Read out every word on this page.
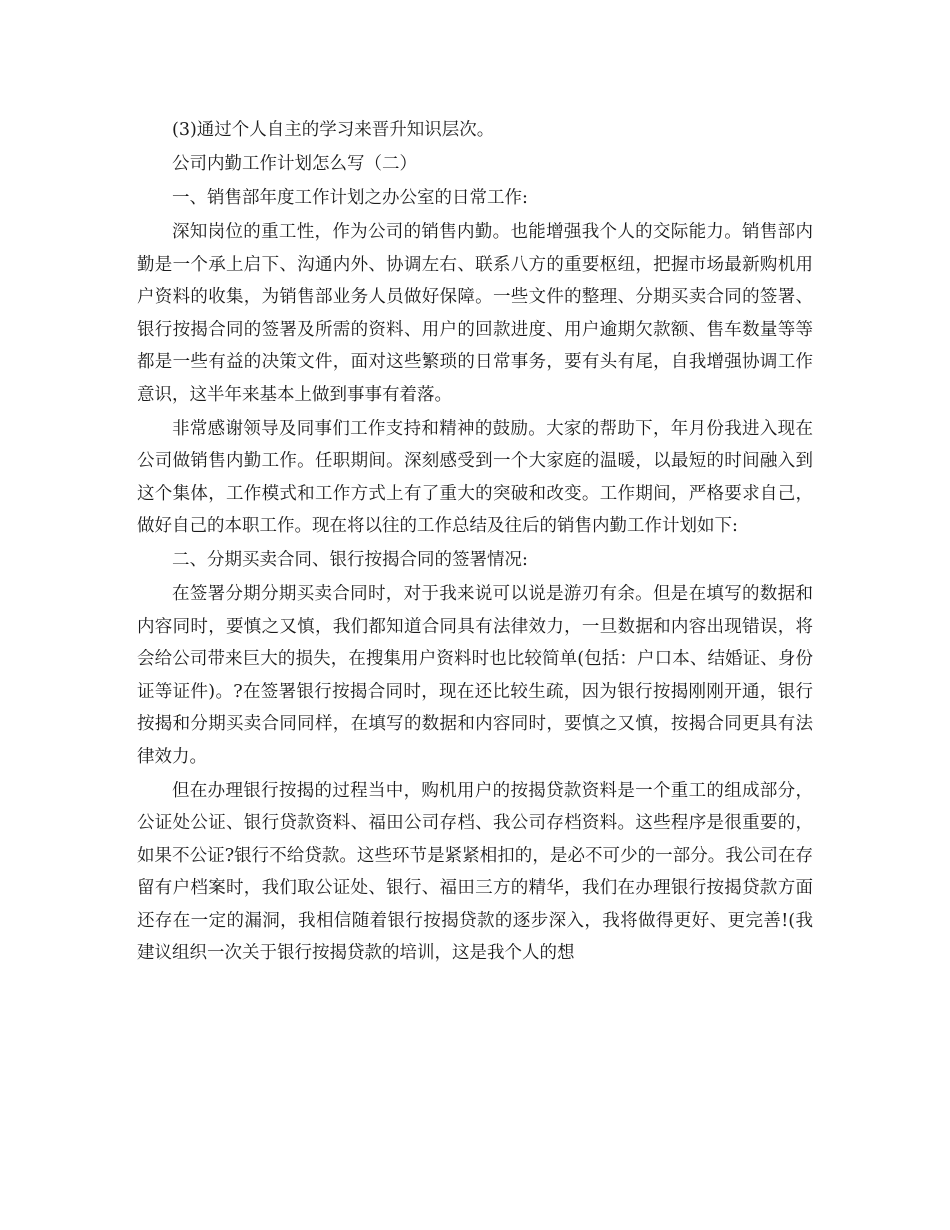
(3)通过个人自主的学习来晋升知识层次。

公司内勤工作计划怎么写（二）

一、销售部年度工作计划之办公室的日常工作:

深知岗位的重工性，作为公司的销售内勤。也能增强我个人的交际能力。销售部内勤是一个承上启下、沟通内外、协调左右、联系八方的重要枢纽，把握市场最新购机用户资料的收集，为销售部业务人员做好保障。一些文件的整理、分期买卖合同的签署、银行按揭合同的签署及所需的资料、用户的回款进度、用户逾期欠款额、售车数量等等都是一些有益的决策文件，面对这些繁琐的日常事务，要有头有尾，自我增强协调工作意识，这半年来基本上做到事事有着落。

非常感谢领导及同事们工作支持和精神的鼓励。大家的帮助下，年月份我进入现在公司做销售内勤工作。任职期间。深刻感受到一个大家庭的温暖，以最短的时间融入到这个集体，工作模式和工作方式上有了重大的突破和改变。工作期间，严格要求自己，做好自己的本职工作。现在将以往的工作总结及往后的销售内勤工作计划如下:

二、分期买卖合同、银行按揭合同的签署情况:

在签署分期分期买卖合同时，对于我来说可以说是游刃有余。但是在填写的数据和内容同时，要慎之又慎，我们都知道合同具有法律效力，一旦数据和内容出现错误，将会给公司带来巨大的损失，在搜集用户资料时也比较简单(包括：户口本、结婚证、身份证等证件)。?在签署银行按揭合同时，现在还比较生疏，因为银行按揭刚刚开通，银行按揭和分期买卖合同同样，在填写的数据和内容同时，要慎之又慎，按揭合同更具有法律效力。

但在办理银行按揭的过程当中，购机用户的按揭贷款资料是一个重工的组成部分，公证处公证、银行贷款资料、福田公司存档、我公司存档资料。这些程序是很重要的，如果不公证?银行不给贷款。这些环节是紧紧相扣的，是必不可少的一部分。我公司在存留有户档案时，我们取公证处、银行、福田三方的精华，我们在办理银行按揭贷款方面还存在一定的漏洞，我相信随着银行按揭贷款的逐步深入，我将做得更好、更完善!(我建议组织一次关于银行按揭贷款的培训，这是我个人的想
